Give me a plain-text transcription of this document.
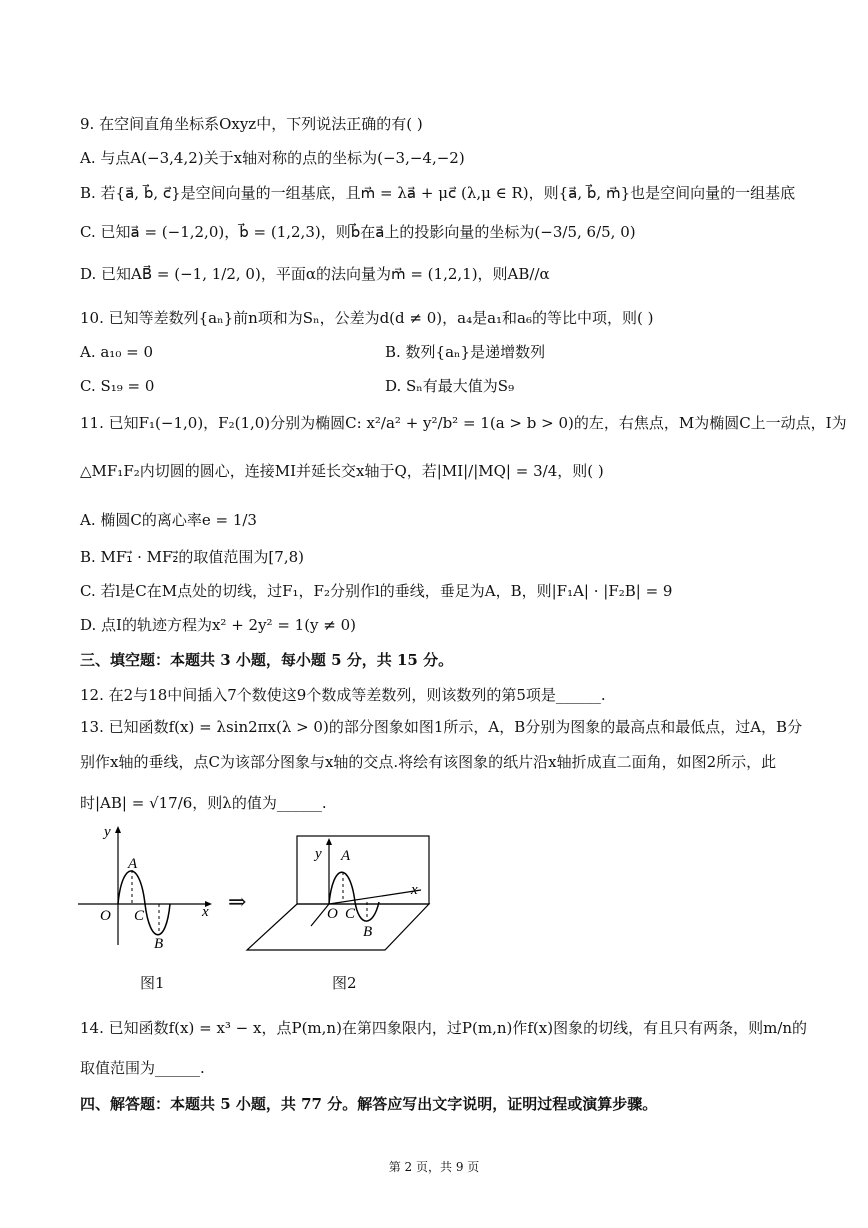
9. 在空间直角坐标系Oxyz中，下列说法正确的有( )
A. 与点A(−3,4,2)关于x轴对称的点的坐标为(−3,−4,−2)
B. 若{a⃗, b⃗, c⃗}是空间向量的一组基底，且m⃗ = λa⃗ + μc⃗ (λ,μ ∈ R)，则{a⃗, b⃗, m⃗}也是空间向量的一组基底
C. 已知a⃗ = (−1,2,0)，b⃗ = (1,2,3)，则b⃗在a⃗上的投影向量的坐标为(−3/5, 6/5, 0)
D. 已知AB⃗ = (−1, 1/2, 0)，平面α的法向量为m⃗ = (1,2,1)，则AB//α
10. 已知等差数列{aₙ}前n项和为Sₙ，公差为d(d ≠ 0)，a₄是a₁和a₆的等比中项，则( )
A. a₁₀ = 0	B. 数列{aₙ}是递增数列
C. S₁₉ = 0	D. Sₙ有最大值为S₉
11. 已知F₁(−1,0)，F₂(1,0)分别为椭圆C: x²/a² + y²/b² = 1(a > b > 0)的左，右焦点，M为椭圆C上一动点，I为
△MF₁F₂内切圆的圆心，连接MI并延长交x轴于Q，若|MI|/|MQ| = 3/4，则( )
A. 椭圆C的离心率e = 1/3
B. MF₁⃗ · MF₂⃗的取值范围为[7,8)
C. 若l是C在M点处的切线，过F₁，F₂分别作l的垂线，垂足为A，B，则|F₁A| · |F₂B| = 9
D. 点I的轨迹方程为x² + 2y² = 1(y ≠ 0)
三、填空题：本题共 3 小题，每小题 5 分，共 15 分。
12. 在2与18中间插入7个数使这9个数成等差数列，则该数列的第5项是______.
13. 已知函数f(x) = λsin2πx(λ > 0)的部分图象如图1所示，A，B分别为图象的最高点和最低点，过A，B分
别作x轴的垂线，点C为该部分图象与x轴的交点.将绘有该图象的纸片沿x轴折成直二面角，如图2所示，此
时|AB| = √17/6，则λ的值为______.
y
A
O C
B
x
图1
⇒
y A
O C
B
x
图2
14. 已知函数f(x) = x³ − x，点P(m,n)在第四象限内，过P(m,n)作f(x)图象的切线，有且只有两条，则m/n的
取值范围为______.
四、解答题：本题共 5 小题，共 77 分。解答应写出文字说明，证明过程或演算步骤。
第 2 页，共 9 页
